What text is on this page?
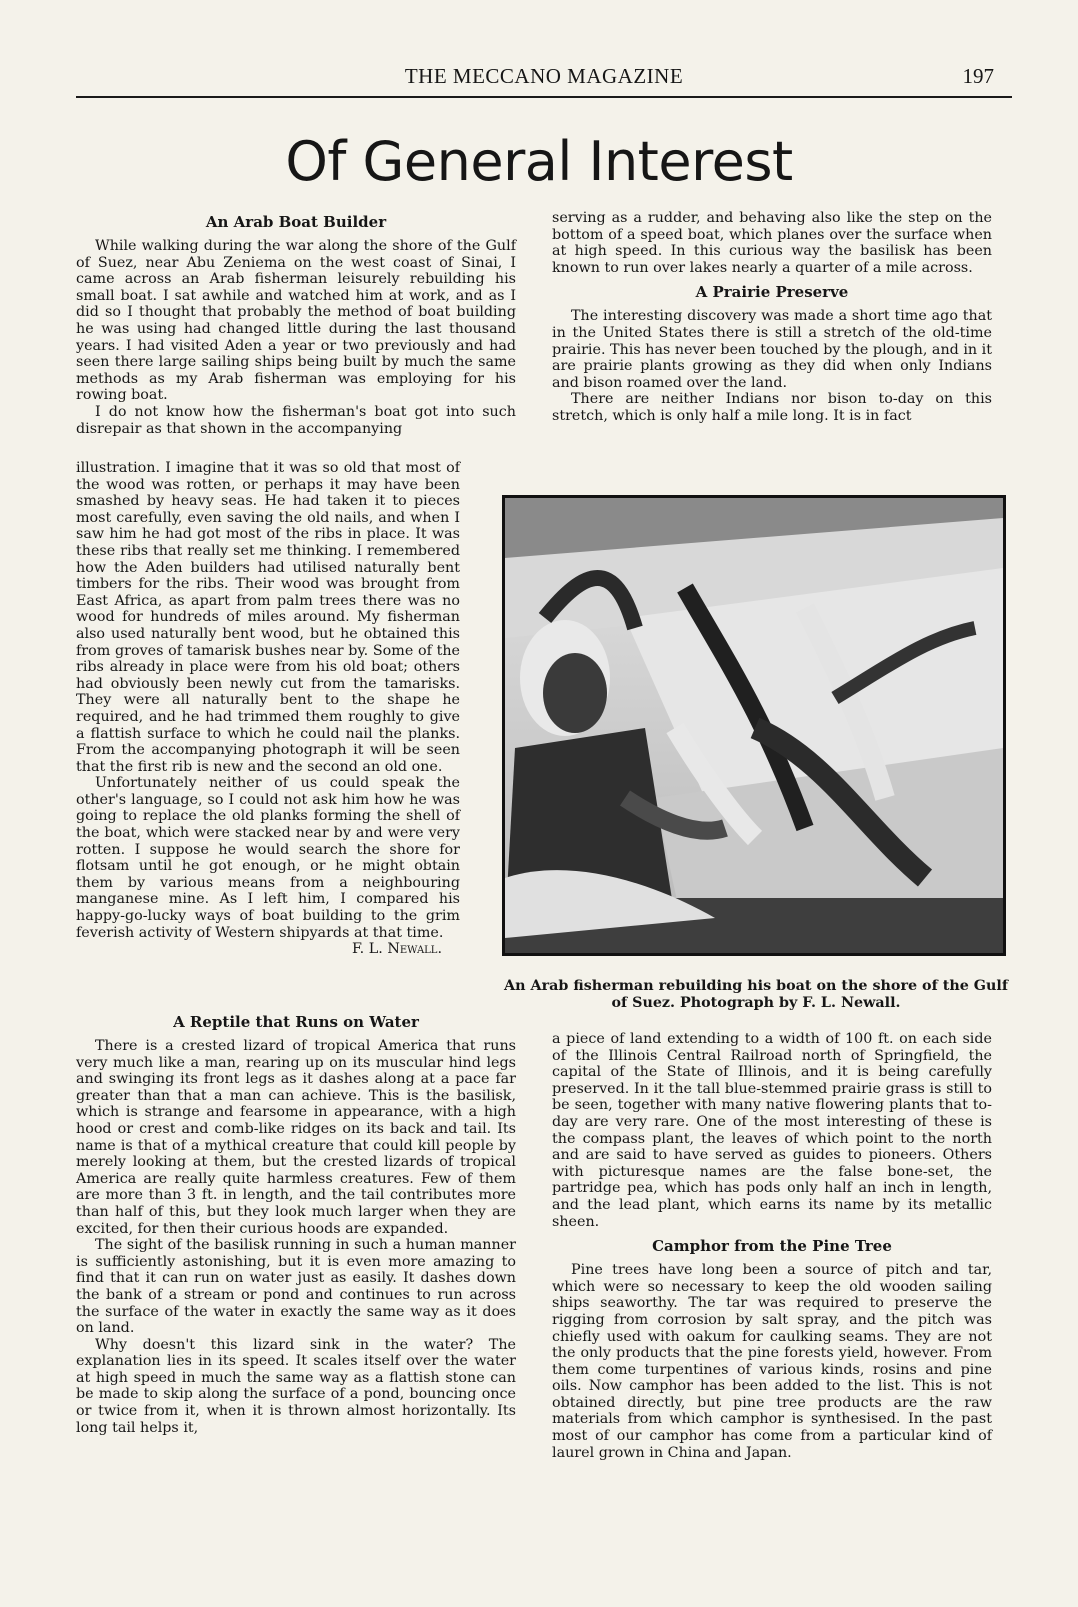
THE MECCANO MAGAZINE	197
Of General Interest
An Arab Boat Builder

While walking during the war along the shore of the Gulf of Suez, near Abu Zeniema on the west coast of Sinai, I came across an Arab fisherman leisurely rebuilding his small boat. I sat awhile and watched him at work, and as I did so I thought that probably the method of boat building he was using had changed little during the last thousand years. I had visited Aden a year or two previously and had seen there large sailing ships being built by much the same methods as my Arab fisherman was employing for his rowing boat.

I do not know how the fisherman's boat got into such disrepair as that shown in the accompanying

illustration. I imagine that it was so old that most of the wood was rotten, or perhaps it may have been smashed by heavy seas. He had taken it to pieces most carefully, even saving the old nails, and when I saw him he had got most of the ribs in place. It was these ribs that really set me thinking. I remembered how the Aden builders had utilised naturally bent timbers for the ribs. Their wood was brought from East Africa, as apart from palm trees there was no wood for hundreds of miles around. My fisherman also used naturally bent wood, but he obtained this from groves of tamarisk bushes near by. Some of the ribs already in place were from his old boat; others had obviously been newly cut from the tamarisks. They were all naturally bent to the shape he required, and he had trimmed them roughly to give a flattish surface to which he could nail the planks. From the accompanying photograph it will be seen that the first rib is new and the second an old one.

Unfortunately neither of us could speak the other's language, so I could not ask him how he was going to replace the old planks forming the shell of the boat, which were stacked near by and were very rotten. I suppose he would search the shore for flotsam until he got enough, or he might obtain them by various means from a neighbouring manganese mine. As I left him, I compared his happy-go-lucky ways of boat building to the grim feverish activity of Western shipyards at that time.

F. L. Newall.

A Reptile that Runs on Water

There is a crested lizard of tropical America that runs very much like a man, rearing up on its muscular hind legs and swinging its front legs as it dashes along at a pace far greater than that a man can achieve. This is the basilisk, which is strange and fearsome in appearance, with a high hood or crest and comb-like ridges on its back and tail. Its name is that of a mythical creature that could kill people by merely looking at them, but the crested lizards of tropical America are really quite harmless creatures. Few of them are more than 3 ft. in length, and the tail contributes more than half of this, but they look much larger when they are excited, for then their curious hoods are expanded.

The sight of the basilisk running in such a human manner is sufficiently astonishing, but it is even more amazing to find that it can run on water just as easily. It dashes down the bank of a stream or pond and continues to run across the surface of the water in exactly the same way as it does on land.

Why doesn't this lizard sink in the water? The explanation lies in its speed. It scales itself over the water at high speed in much the same way as a flattish stone can be made to skip along the surface of a pond, bouncing once or twice from it, when it is thrown almost horizontally. Its long tail helps it,

serving as a rudder, and behaving also like the step on the bottom of a speed boat, which planes over the surface when at high speed. In this curious way the basilisk has been known to run over lakes nearly a quarter of a mile across.

A Prairie Preserve

The interesting discovery was made a short time ago that in the United States there is still a stretch of the old-time prairie. This has never been touched by the plough, and in it are prairie plants growing as they did when only Indians and bison roamed over the land.

There are neither Indians nor bison to-day on this stretch, which is only half a mile long. It is in fact

An Arab fisherman rebuilding his boat on the shore of the Gulf of Suez. Photograph by F. L. Newall.

a piece of land extending to a width of 100 ft. on each side of the Illinois Central Railroad north of Springfield, the capital of the State of Illinois, and it is being carefully preserved. In it the tall blue-stemmed prairie grass is still to be seen, together with many native flowering plants that to-day are very rare. One of the most interesting of these is the compass plant, the leaves of which point to the north and are said to have served as guides to pioneers. Others with picturesque names are the false bone-set, the partridge pea, which has pods only half an inch in length, and the lead plant, which earns its name by its metallic sheen.

Camphor from the Pine Tree

Pine trees have long been a source of pitch and tar, which were so necessary to keep the old wooden sailing ships seaworthy. The tar was required to preserve the rigging from corrosion by salt spray, and the pitch was chiefly used with oakum for caulking seams. They are not the only products that the pine forests yield, however. From them come turpentines of various kinds, rosins and pine oils. Now camphor has been added to the list. This is not obtained directly, but pine tree products are the raw materials from which camphor is synthesised. In the past most of our camphor has come from a particular kind of laurel grown in China and Japan.
